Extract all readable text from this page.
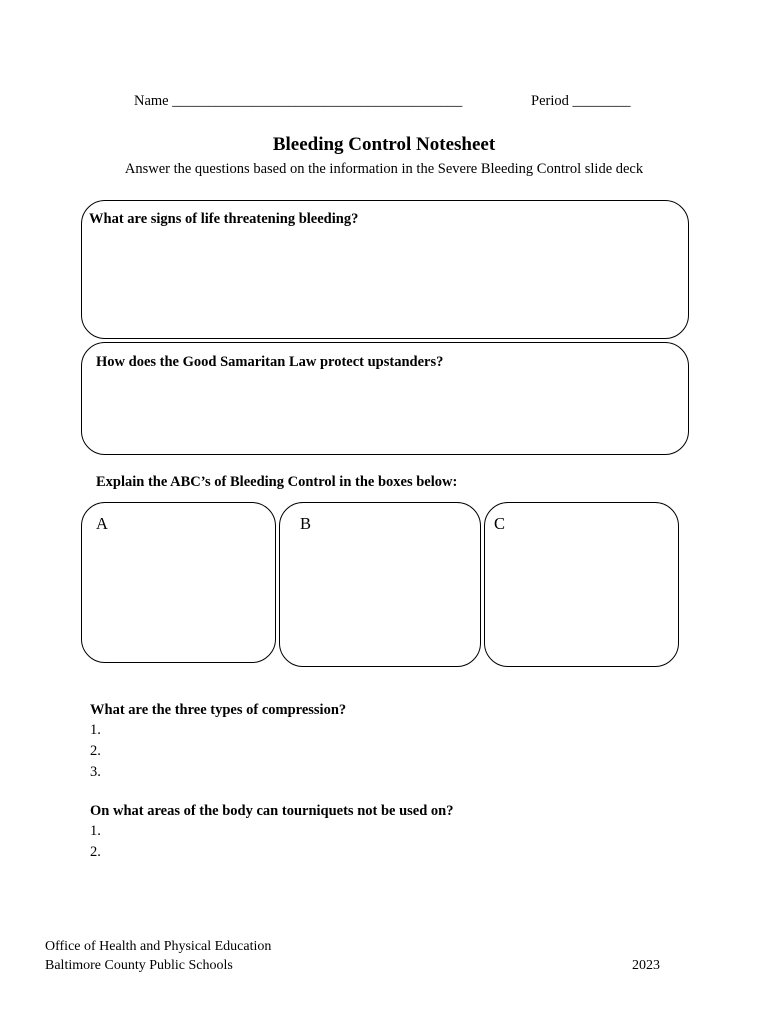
Name ________________________________________	Period ________
Bleeding Control Notesheet
Answer the questions based on the information in the Severe Bleeding Control slide deck
What are signs of life threatening bleeding?
How does the Good Samaritan Law protect upstanders?
Explain the ABC’s of Bleeding Control in the boxes below:
A	B	C
What are the three types of compression?
1.
2.
3.
On what areas of the body can tourniquets not be used on?
1.
2.
Office of Health and Physical Education
Baltimore County Public Schools	2023
